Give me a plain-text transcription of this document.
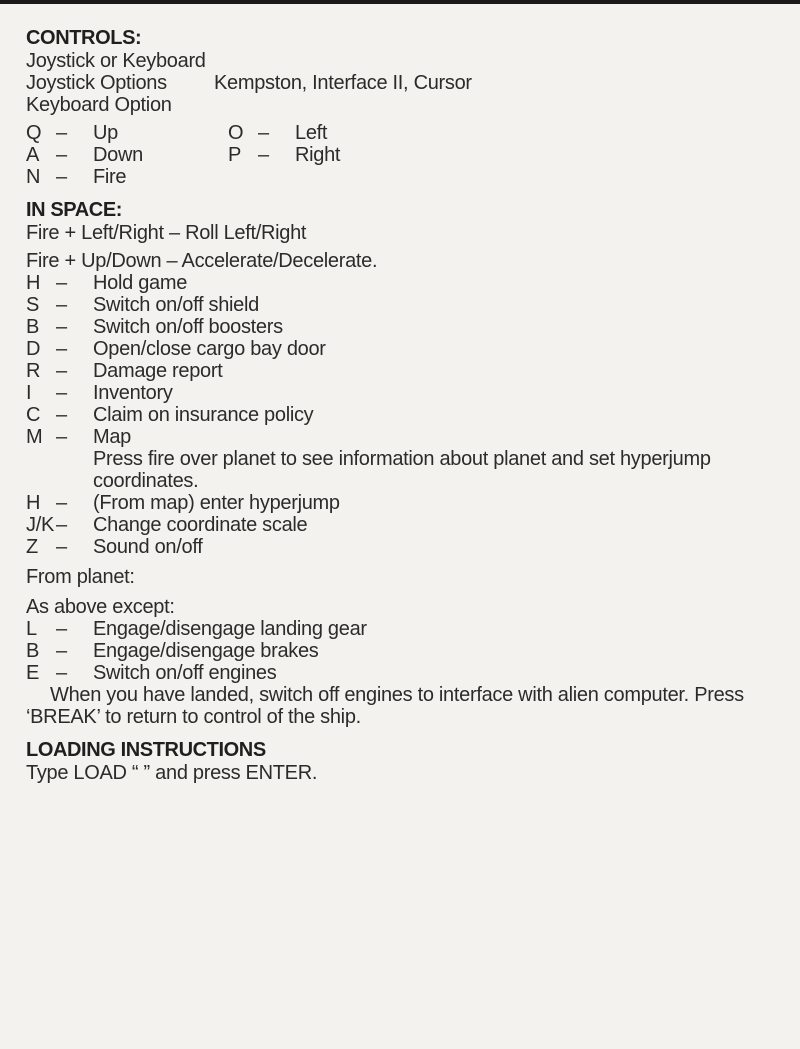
CONTROLS:
Joystick or Keyboard
Joystick Options	Kempston, Interface II, Cursor
Keyboard Option
Q –	Up	O –	Left
A –	Down	P –	Right
N –	Fire
IN SPACE:
Fire + Left/Right – Roll Left/Right
Fire + Up/Down – Accelerate/Decelerate.
H –	Hold game
S –	Switch on/off shield
B –	Switch on/off boosters
D –	Open/close cargo bay door
R –	Damage report
I	–	Inventory
C –	Claim on insurance policy
M –	Map
Press fire over planet to see information about planet and set hyperjump coordinates.
H –	(From map) enter hyperjump
J/K –	Change coordinate scale
Z –	Sound on/off
From planet:
As above except:
L –	Engage/disengage landing gear
B –	Engage/disengage brakes
E –	Switch on/off engines
When you have landed, switch off engines to interface with alien computer. Press ‘BREAK’ to return to control of the ship.
LOADING INSTRUCTIONS
Type LOAD “ ” and press ENTER.
